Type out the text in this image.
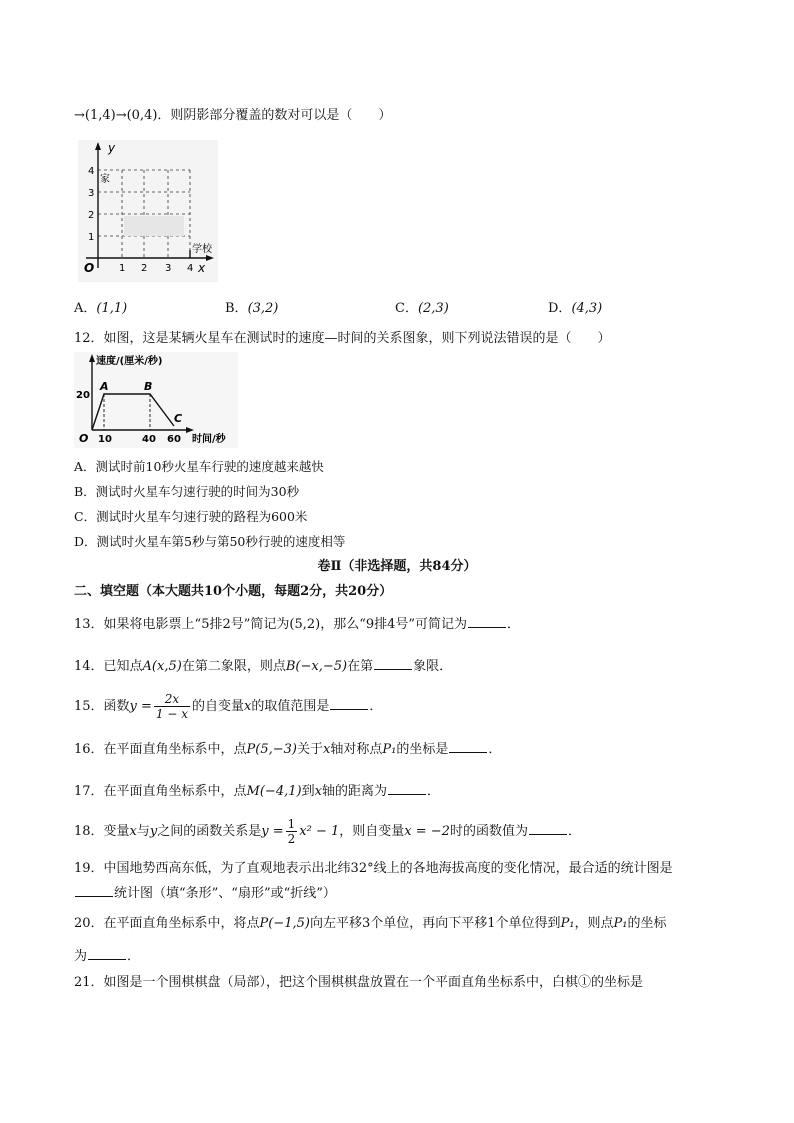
→(1,4)→(0,4)．则阴影部分覆盖的数对可以是（　　）
y
x
O 1 2 3 4
1
2
3
4
家
学校
A．(1,1)	B．(3,2)	C．(2,3)	D．(4,3)
12．如图，这是某辆火星车在测试时的速度—时间的关系图象，则下列说法错误的是（　　）
速度/(厘米/秒)
20
O 10	40 60 时间/秒
A	B
C
A．测试时前10秒火星车行驶的速度越来越快
B．测试时火星车匀速行驶的时间为30秒
C．测试时火星车匀速行驶的路程为600米
D．测试时火星车第5秒与第50秒行驶的速度相等
卷Ⅱ（非选择题，共84分）
二、填空题（本大题共10个小题，每题2分，共20分）
13．如果将电影票上“5排2号”简记为(5,2)，那么“9排4号”可简记为	．
14．已知点A(x,5)在第二象限，则点B(−x,−5)在第	象限．
15．函数$y = \frac{2x}{1 - x}$ 的自变量x的取值范围是	．
16．在平面直角坐标系中，点P(5,−3)关于x轴对称点P₁的坐标是	．
17．在平面直角坐标系中，点M(−4,1)到x轴的距离为	．
18．变量x与y之间的函数关系是$y = \frac{1}{2} x^2 - 1$，则自变量x = −2时的函数值为	．
19．中国地势西高东低，为了直观地表示出北纬32°线上的各地海拔高度的变化情况，最合适的统计图是
统计图（填“条形”、“扇形”或“折线”）
20．在平面直角坐标系中，将点P(−1,5)向左平移3个单位，再向下平移1个单位得到P₁，则点P₁的坐标
为	．
21．如图是一个围棋棋盘（局部），把这个围棋棋盘放置在一个平面直角坐标系中，白棋①的坐标是
